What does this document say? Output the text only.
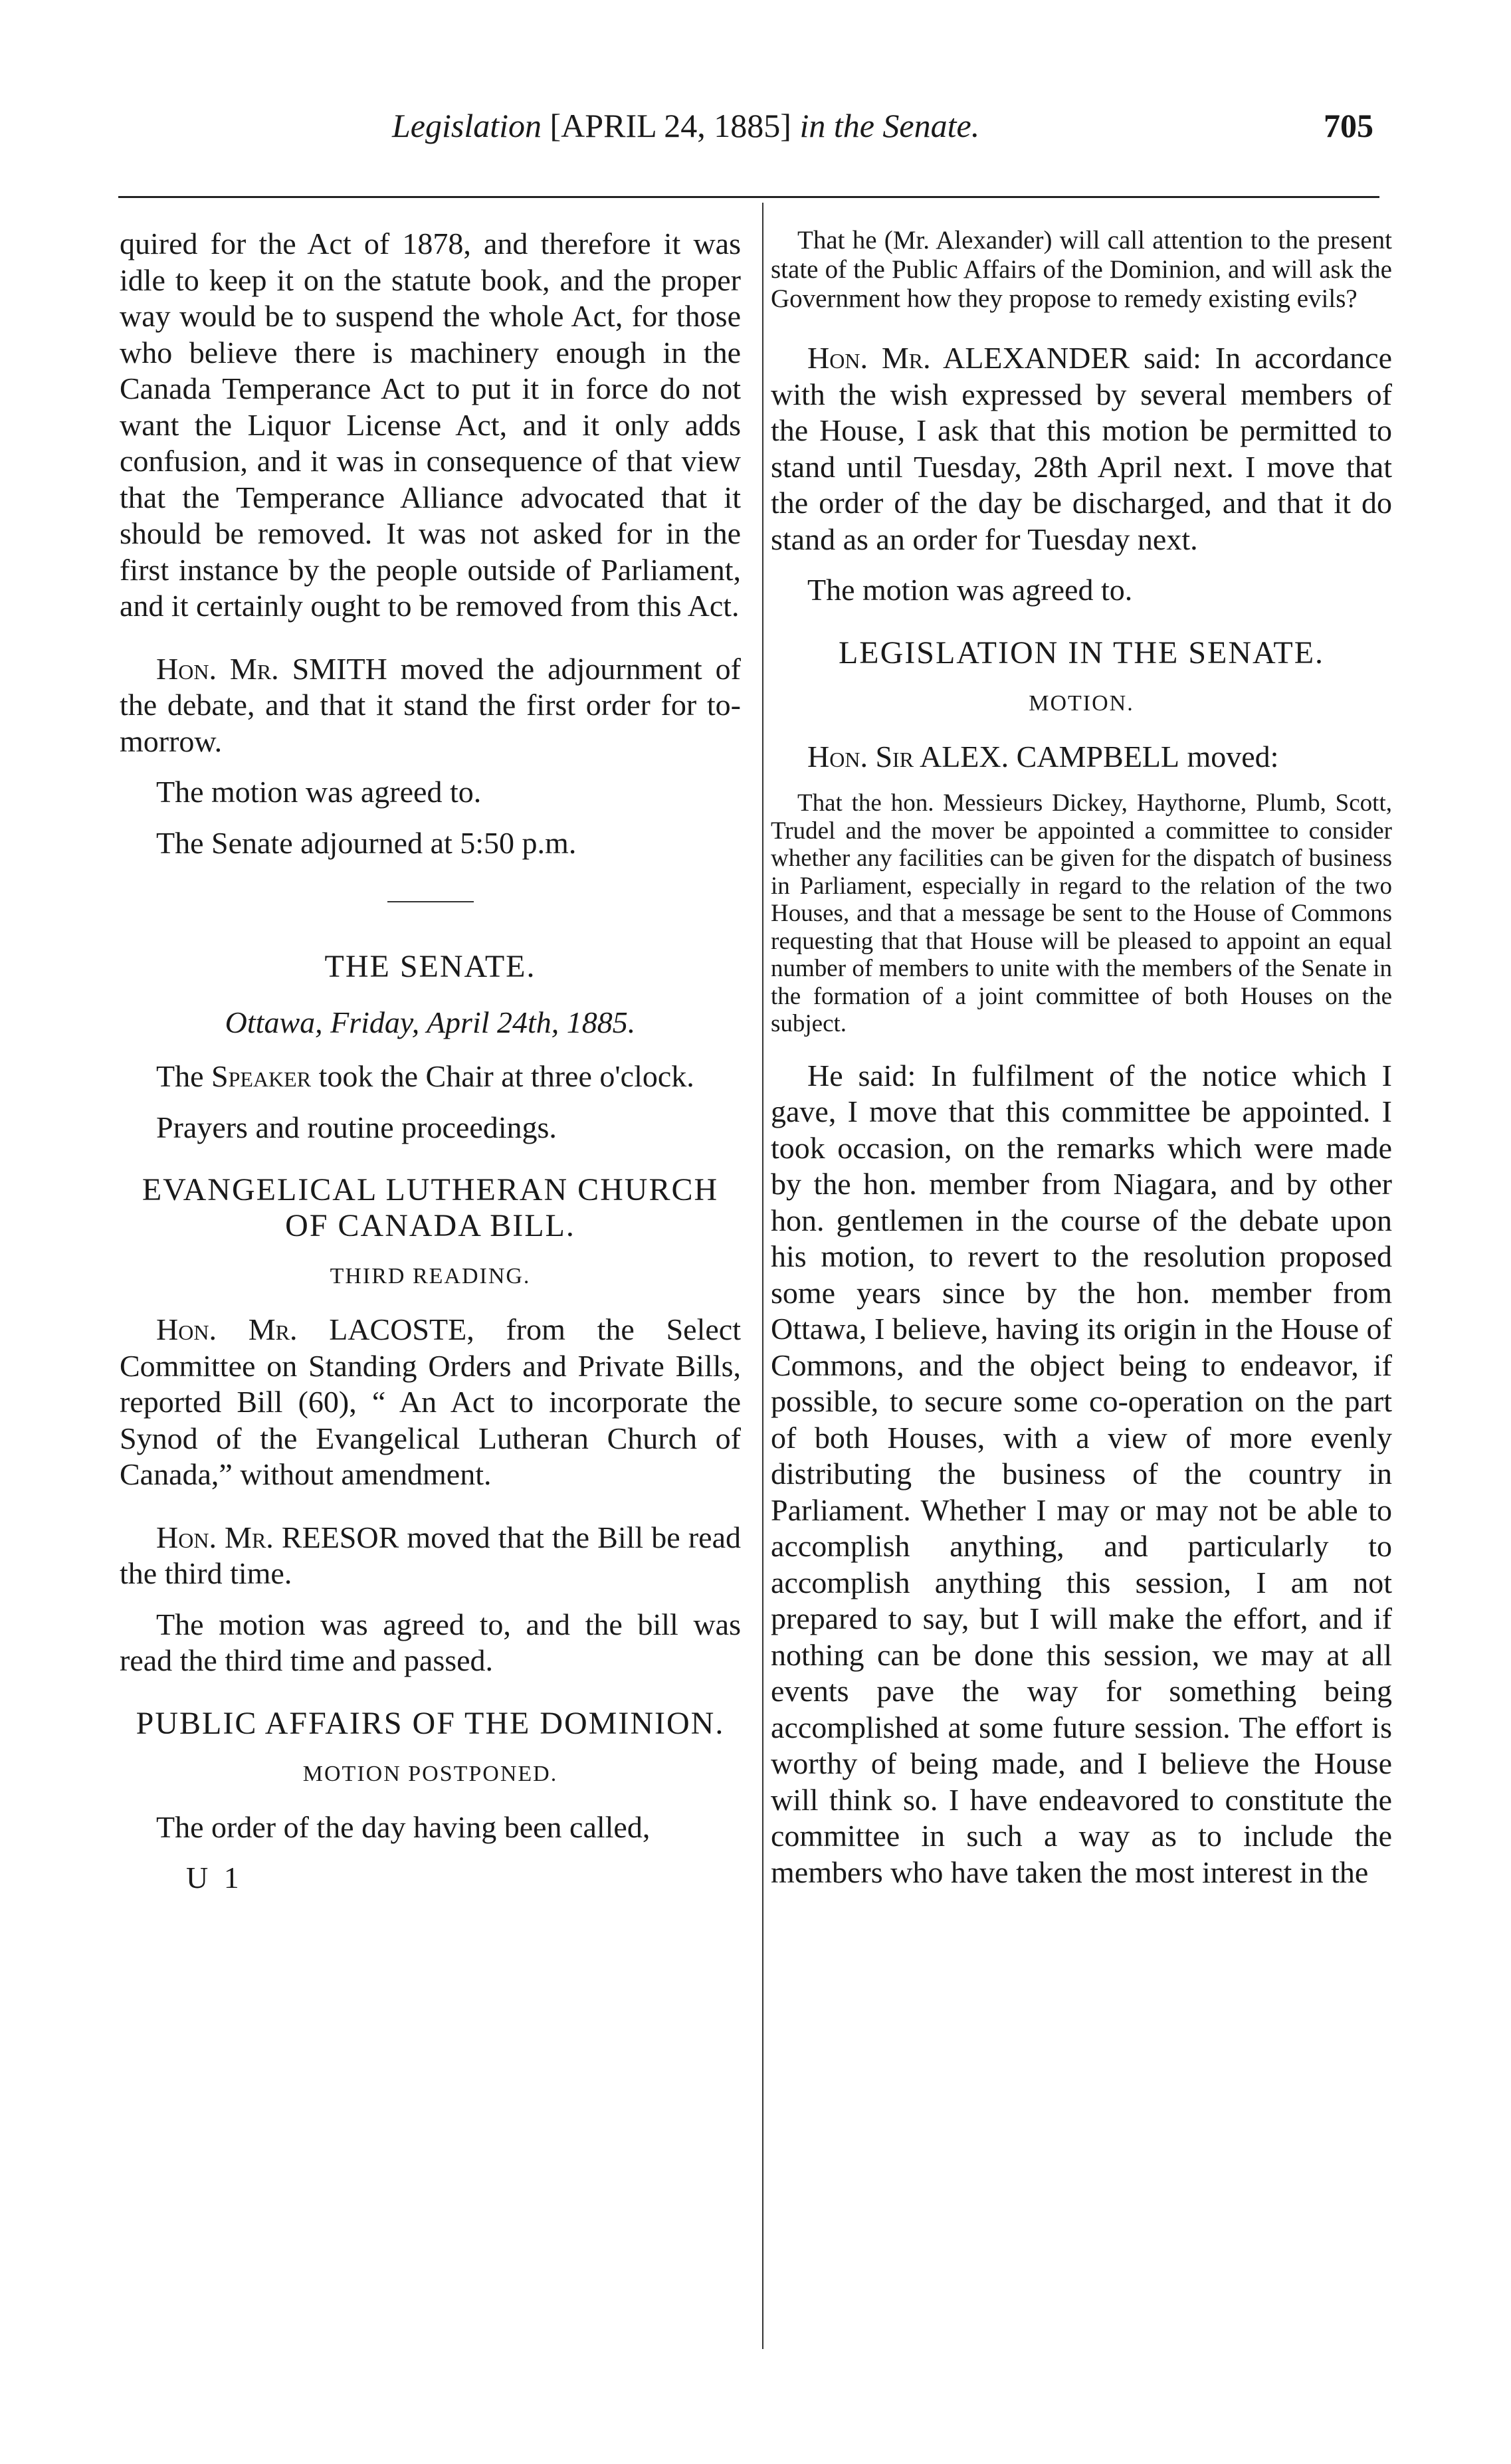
Legislation [APRIL 24, 1885] in the Senate.	705

quired for the Act of 1878, and therefore it was idle to keep it on the statute book, and the proper way would be to suspend the whole Act, for those who believe there is machinery enough in the Canada Temperance Act to put it in force do not want the Liquor License Act, and it only adds confusion, and it was in consequence of that view that the Temperance Alliance advocated that it should be removed. It was not asked for in the first instance by the people outside of Parliament, and it certainly ought to be removed from this Act.

Hon. Mr. SMITH moved the adjournment of the debate, and that it stand the first order for to-morrow.

The motion was agreed to.

The Senate adjourned at 5:50 p.m.

THE SENATE.
Ottawa, Friday, April 24th, 1885.

The Speaker took the Chair at three o'clock.

Prayers and routine proceedings.

EVANGELICAL LUTHERAN CHURCH OF CANADA BILL.
THIRD READING.

Hon. Mr. LACOSTE, from the Select Committee on Standing Orders and Private Bills, reported Bill (60), “ An Act to incorporate the Synod of the Evangelical Lutheran Church of Canada,” without amendment.

Hon. Mr. REESOR moved that the Bill be read the third time.

The motion was agreed to, and the bill was read the third time and passed.

PUBLIC AFFAIRS OF THE DOMINION.
MOTION POSTPONED.

The order of the day having been called,

U 1

That he (Mr. Alexander) will call attention to the present state of the Public Affairs of the Dominion, and will ask the Government how they propose to remedy existing evils?

Hon. Mr. ALEXANDER said: In accordance with the wish expressed by several members of the House, I ask that this motion be permitted to stand until Tuesday, 28th April next. I move that the order of the day be discharged, and that it do stand as an order for Tuesday next.

The motion was agreed to.

LEGISLATION IN THE SENATE.
MOTION.

Hon. Sir ALEX. CAMPBELL moved:

That the hon. Messieurs Dickey, Haythorne, Plumb, Scott, Trudel and the mover be appointed a committee to consider whether any facilities can be given for the dispatch of business in Parliament, especially in regard to the relation of the two Houses, and that a message be sent to the House of Commons requesting that that House will be pleased to appoint an equal number of members to unite with the members of the Senate in the formation of a joint committee of both Houses on the subject.

He said: In fulfilment of the notice which I gave, I move that this committee be appointed. I took occasion, on the remarks which were made by the hon. member from Niagara, and by other hon. gentlemen in the course of the debate upon his motion, to revert to the resolution proposed some years since by the hon. member from Ottawa, I believe, having its origin in the House of Commons, and the object being to endeavor, if possible, to secure some co-operation on the part of both Houses, with a view of more evenly distributing the business of the country in Parliament. Whether I may or may not be able to accomplish anything, and particularly to accomplish anything this session, I am not prepared to say, but I will make the effort, and if nothing can be done this session, we may at all events pave the way for something being accomplished at some future session. The effort is worthy of being made, and I believe the House will think so. I have endeavored to constitute the committee in such a way as to include the members who have taken the most interest in the
